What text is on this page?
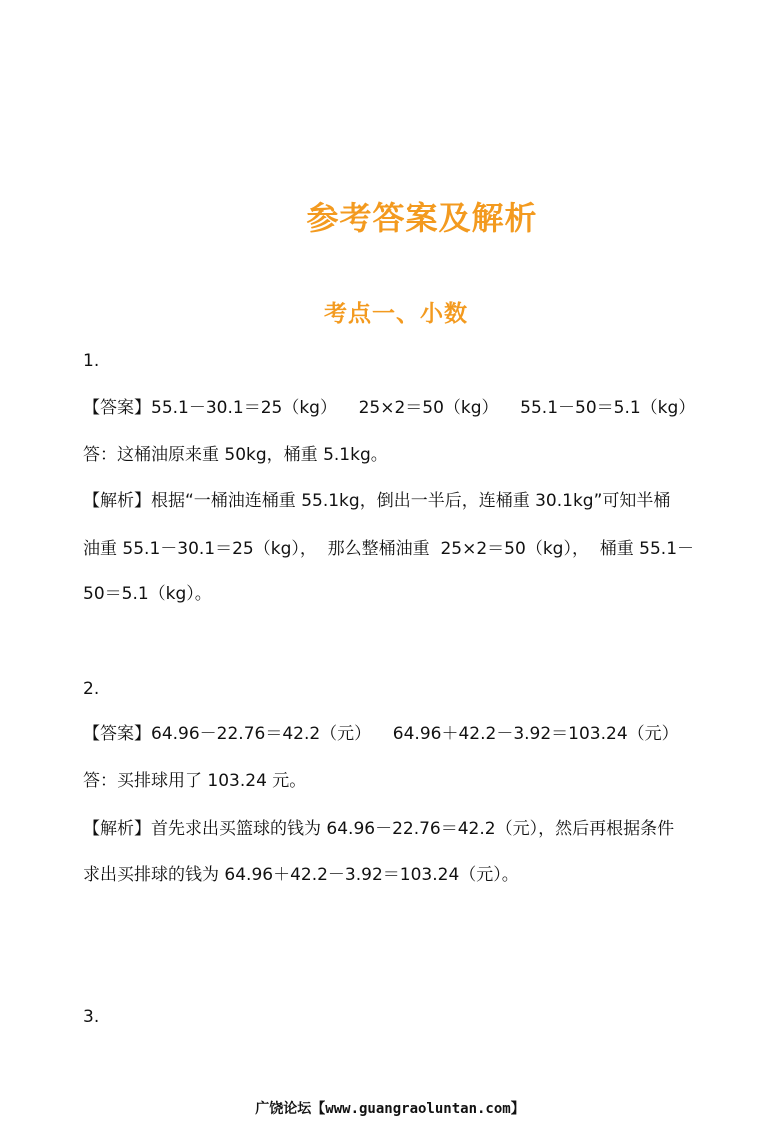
参考答案及解析
考点一、小数
1.
【答案】55.1－30.1＝25（kg）    25×2＝50（kg）    55.1－50＝5.1（kg）
答：这桶油原来重 50kg，桶重 5.1kg。
【解析】根据“一桶油连桶重 55.1kg，倒出一半后，连桶重 30.1kg”可知半桶
油重 55.1－30.1＝25（kg），  那么整桶油重  25×2＝50（kg），  桶重 55.1－
50＝5.1（kg）。
2.
【答案】64.96－22.76＝42.2（元）    64.96＋42.2－3.92＝103.24（元）
答：买排球用了 103.24 元。
【解析】首先求出买篮球的钱为 64.96－22.76＝42.2（元），然后再根据条件
求出买排球的钱为 64.96＋42.2－3.92＝103.24（元）。
3.
广饶论坛【www.guangraoluntan.com】
